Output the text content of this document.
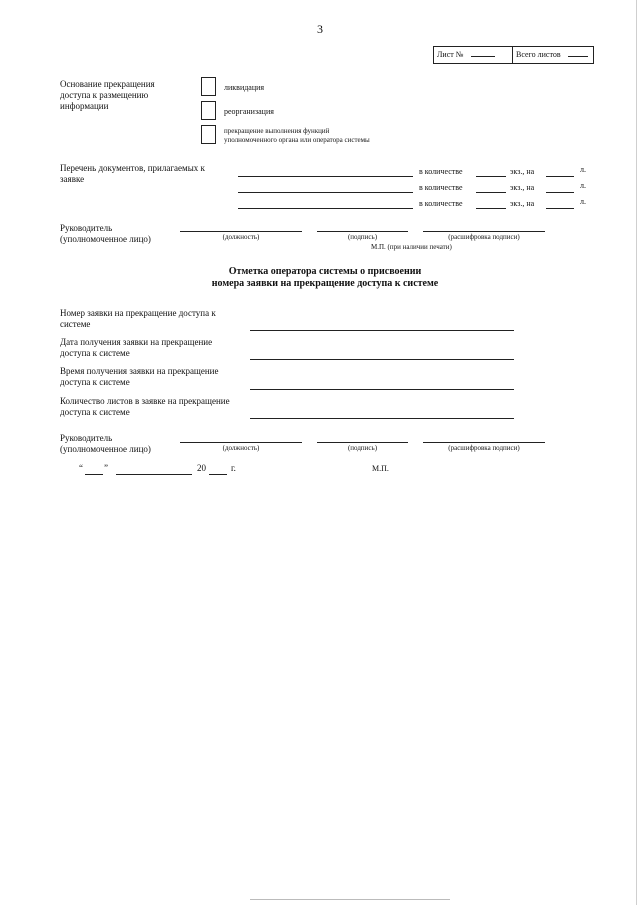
3
Лист №	Всего листов
Основание прекращения
доступа к размещению
информации
ликвидация
реорганизация
прекращение выполнения функций
уполномоченного органа или оператора системы
Перечень документов, прилагаемых к
заявке
в количестве	экз., на	л.
в количестве	экз., на	л.
в количестве	экз., на	л.
Руководитель
(уполномоченное лицо)	(должность)	(подпись)	(расшифровка подписи)
М.П. (при наличии печати)
Отметка оператора системы о присвоении
номера заявки на прекращение доступа к системе
Номер заявки на прекращение доступа к
системе
Дата получения заявки на прекращение
доступа к системе
Время получения заявки на прекращение
доступа к системе
Количество листов в заявке на прекращение
доступа к системе
Руководитель
(уполномоченное лицо)	(должность)	(подпись)	(расшифровка подписи)
“ ”	20	г.	М.П.
